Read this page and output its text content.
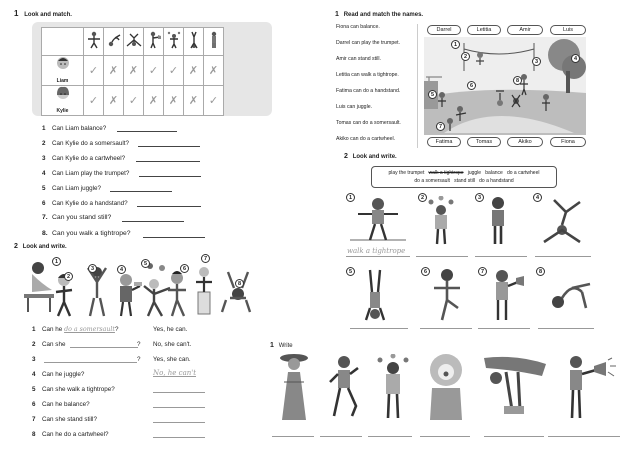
1 Look and match.

Liam	✓	✗	✗	✓	✓	✗	✗

Kylie	✓	✗	✓	✗	✗	✗	✓
1 Can Liam balance?
2 Can Kylie do a somersault?
3 Can Kylie do a cartwheel?
4 Can Liam play the trumpet?
5 Can Liam juggle?
6 Can Kylie do a handstand?
7. Can you stand still?
8. Can you walk a tightrope?
2 Look and write.
1
2
3	4
5
6
7
8
1 Can he do a somersault?	Yes, he can.
2 Can she	? No, she can't.
3	? Yes, she can.
4 Can he juggle?	No, he can't
5 Can she walk a tightrope?
6 Can he balance?
7 Can she stand still?
8 Can he do a cartwheel?
1 Read and match the names.
Fiona can balance.
Darrel can play the trumpet.
Amir can stand still.
Letitia can walk a tightrope.
Fatima can do a handstand.
Luis can juggle.
Tomas can do a somersault.
Akiko can do a cartwheel.
Darrel	Letitia	Amir	Luis
1
2
3	4
5
6
7
8
Fatima	Tomas	Akiko	Fiona
2 Look and write.
play the trumpet walk a tightrope juggle balance do a cartwheel
do a somersault stand still do a handstand
1
walk a tightrope
2	3	4
5	6	7	8
1 Write
